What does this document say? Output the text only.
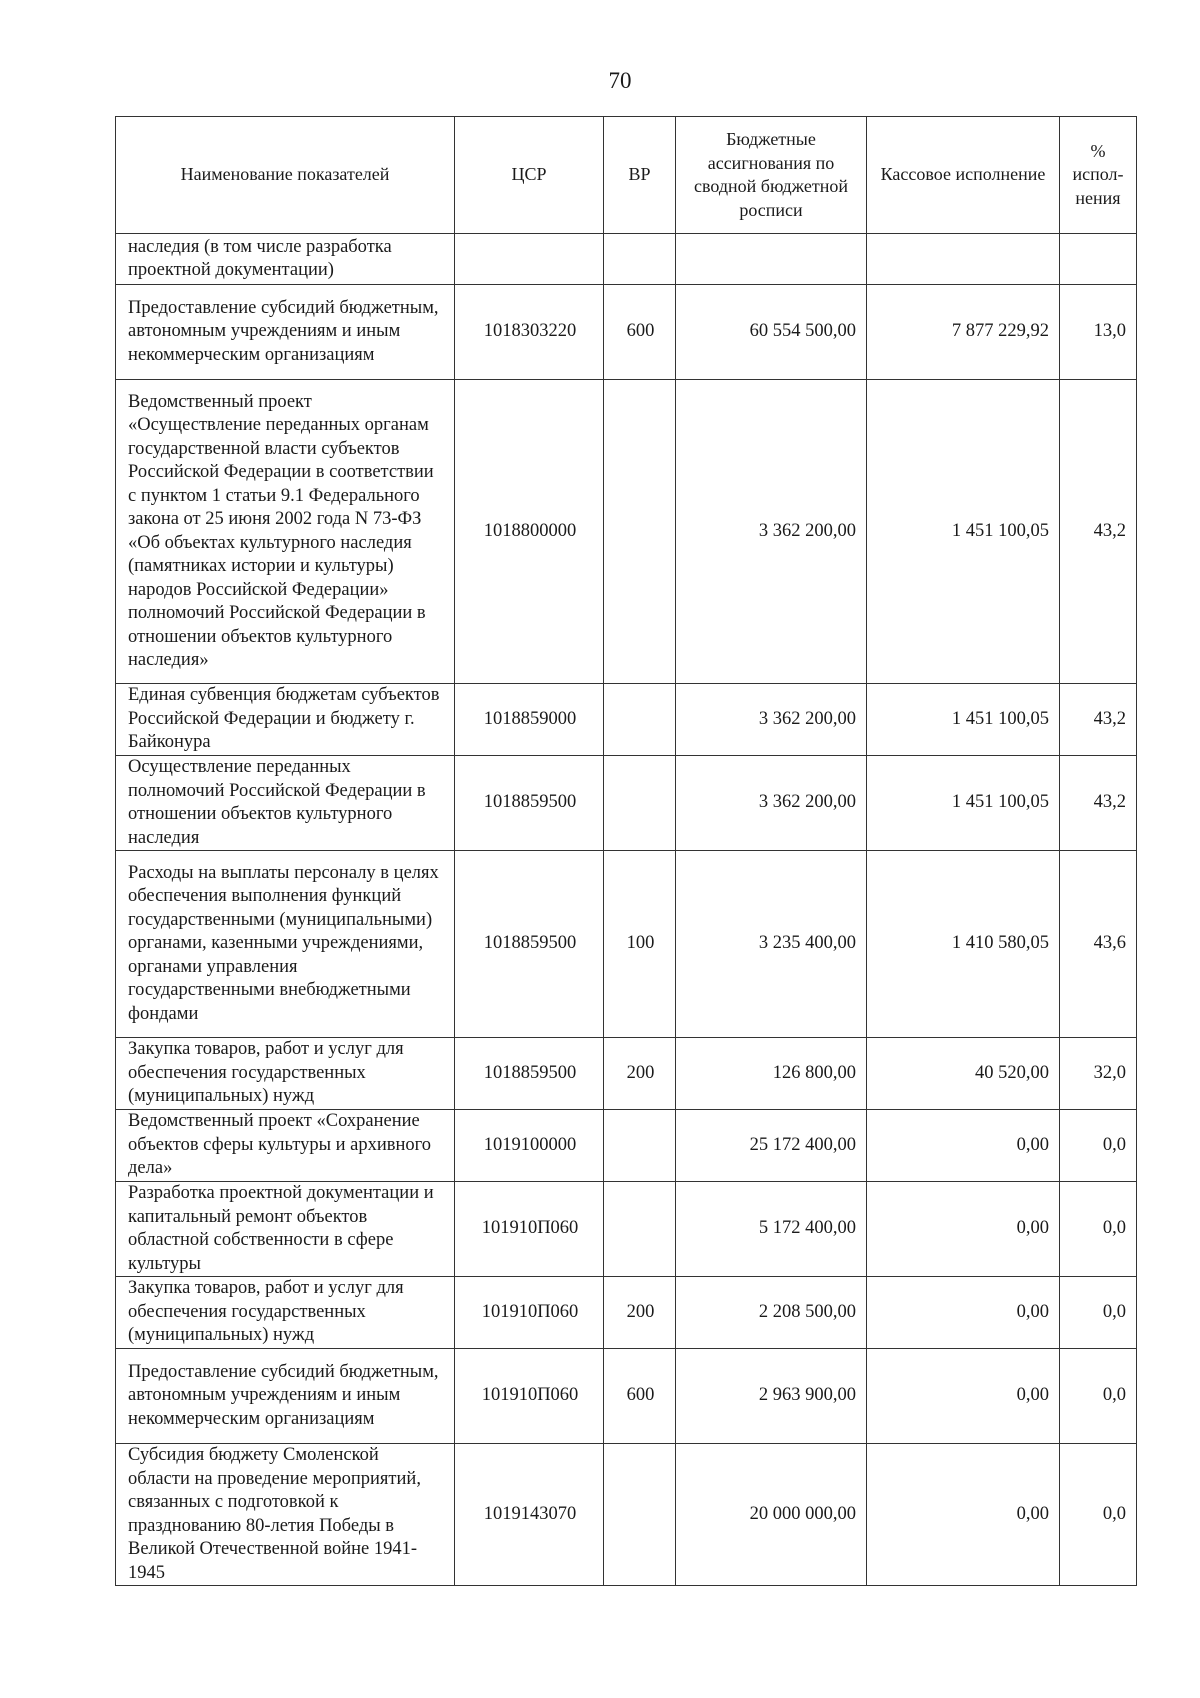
70
Наименование показателей	ЦСР	ВР	Бюджетные ассигнования по сводной бюджетной росписи	Кассовое исполнение	% испол-нения
наследия (в том числе разработка проектной документации)					
Предоставление субсидий бюджетным, автономным учреждениям и иным некоммерческим организациям	1018303220	600	60 554 500,00	7 877 229,92	13,0
Ведомственный проект «Осуществление переданных органам государственной власти субъектов Российской Федерации в соответствии с пунктом 1 статьи 9.1 Федерального закона от 25 июня 2002 года N 73-ФЗ «Об объектах культурного наследия (памятниках истории и культуры) народов Российской Федерации» полномочий Российской Федерации в отношении объектов культурного наследия»	1018800000		3 362 200,00	1 451 100,05	43,2
Единая субвенция бюджетам субъектов Российской Федерации и бюджету г. Байконура	1018859000		3 362 200,00	1 451 100,05	43,2
Осуществление переданных полномочий Российской Федерации в отношении объектов культурного наследия	1018859500		3 362 200,00	1 451 100,05	43,2
Расходы на выплаты персоналу в целях обеспечения выполнения функций государственными (муниципальными) органами, казенными учреждениями, органами управления государственными внебюджетными фондами	1018859500	100	3 235 400,00	1 410 580,05	43,6
Закупка товаров, работ и услуг для обеспечения государственных (муниципальных) нужд	1018859500	200	126 800,00	40 520,00	32,0
Ведомственный проект «Сохранение объектов сферы культуры и архивного дела»	1019100000		25 172 400,00	0,00	0,0
Разработка проектной документации и капитальный ремонт объектов областной собственности в сфере культуры	101910П060		5 172 400,00	0,00	0,0
Закупка товаров, работ и услуг для обеспечения государственных (муниципальных) нужд	101910П060	200	2 208 500,00	0,00	0,0
Предоставление субсидий бюджетным, автономным учреждениям и иным некоммерческим организациям	101910П060	600	2 963 900,00	0,00	0,0
Субсидия бюджету Смоленской области на проведение мероприятий, связанных с подготовкой к празднованию 80-летия Победы в Великой Отечественной войне 1941-1945	1019143070		20 000 000,00	0,00	0,0
